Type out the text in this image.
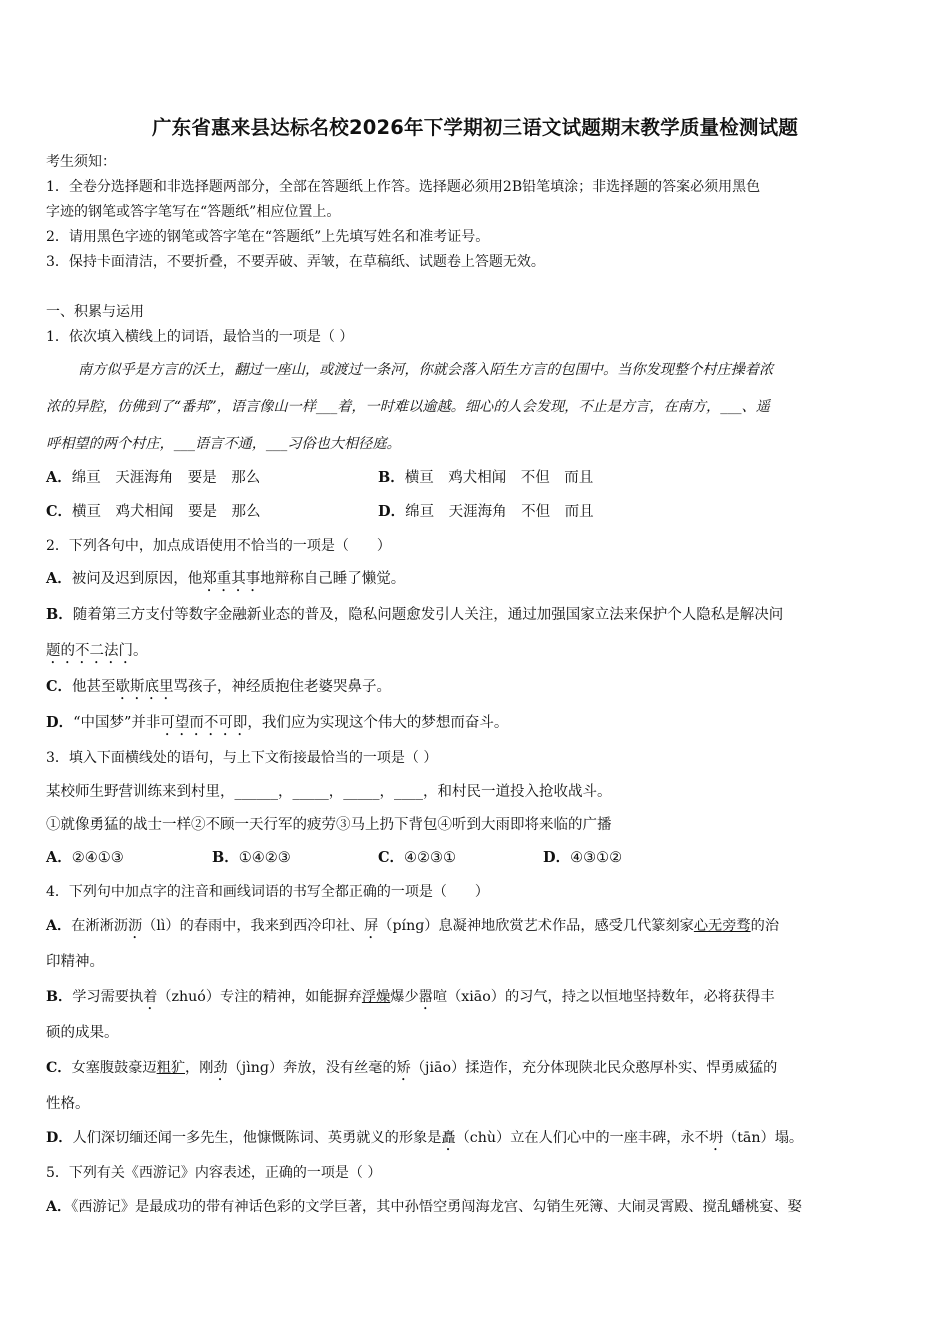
广东省惠来县达标名校2026年下学期初三语文试题期末教学质量检测试题
考生须知：
1．全卷分选择题和非选择题两部分，全部在答题纸上作答。选择题必须用2B铅笔填涂；非选择题的答案必须用黑色
字迹的钢笔或答字笔写在“答题纸”相应位置上。
2．请用黑色字迹的钢笔或答字笔在“答题纸”上先填写姓名和准考证号。
3．保持卡面清洁，不要折叠，不要弄破、弄皱，在草稿纸、试题卷上答题无效。
一、积累与运用
1．依次填入横线上的词语，最恰当的一项是（ ）
南方似乎是方言的沃土，翻过一座山，或渡过一条河，你就会落入陌生方言的包围中。当你发现整个村庄操着浓
浓的异腔，仿佛到了“番邦”，语言像山一样___着，一时难以逾越。细心的人会发现，不止是方言，在南方，___、遥
呼相望的两个村庄，___语言不通，___习俗也大相径庭。
A．绵亘　天涯海角　要是　那么	B．横亘　鸡犬相闻　不但　而且
C．横亘　鸡犬相闻　要是　那么	D．绵亘　天涯海角　不但　而且
2．下列各句中，加点成语使用不恰当的一项是（　　）
A．被问及迟到原因，他郑重其事地辩称自己睡了懒觉。
B．随着第三方支付等数字金融新业态的普及，隐私问题愈发引人关注，通过加强国家立法来保护个人隐私是解决问
题的不二法门。
C．他甚至歇斯底里骂孩子，神经质抱住老婆哭鼻子。
D．“中国梦”并非可望而不可即，我们应为实现这个伟大的梦想而奋斗。
3．填入下面横线处的语句，与上下文衔接最恰当的一项是（ ）
某校师生野营训练来到村里，______，_____，_____，____，和村民一道投入抢收战斗。
①就像勇猛的战士一样②不顾一天行军的疲劳③马上扔下背包④听到大雨即将来临的广播
A．②④①③	B．①④②③	C．④②③①	D．④③①②
4．下列句中加点字的注音和画线词语的书写全都正确的一项是（　　）
A．在淅淅沥沥（lì）的春雨中，我来到西冷印社、屏（pínɡ）息凝神地欣赏艺术作品，感受几代篆刻家心无旁骛的治
印精神。
B．学习需要执着（zhuó）专注的精神，如能摒弃浮燥爆少嚣喧（xiāo）的习气，持之以恒地坚持数年，必将获得丰
硕的成果。
C．女塞腹鼓豪迈粗犷，刚劲（jìnɡ）奔放，没有丝毫的矫（jiāo）揉造作，充分体现陕北民众憨厚朴实、悍勇威猛的
性格。
D．人们深切缅还闻一多先生，他慷慨陈词、英勇就义的形象是矗（chù）立在人们心中的一座丰碑，永不坍（tān）塌。
5．下列有关《西游记》内容表述，正确的一项是（ ）
A．《西游记》是最成功的带有神话色彩的文学巨著，其中孙悟空勇闯海龙宫、勾销生死簿、大闹灵霄殿、搅乱蟠桃宴、娶
